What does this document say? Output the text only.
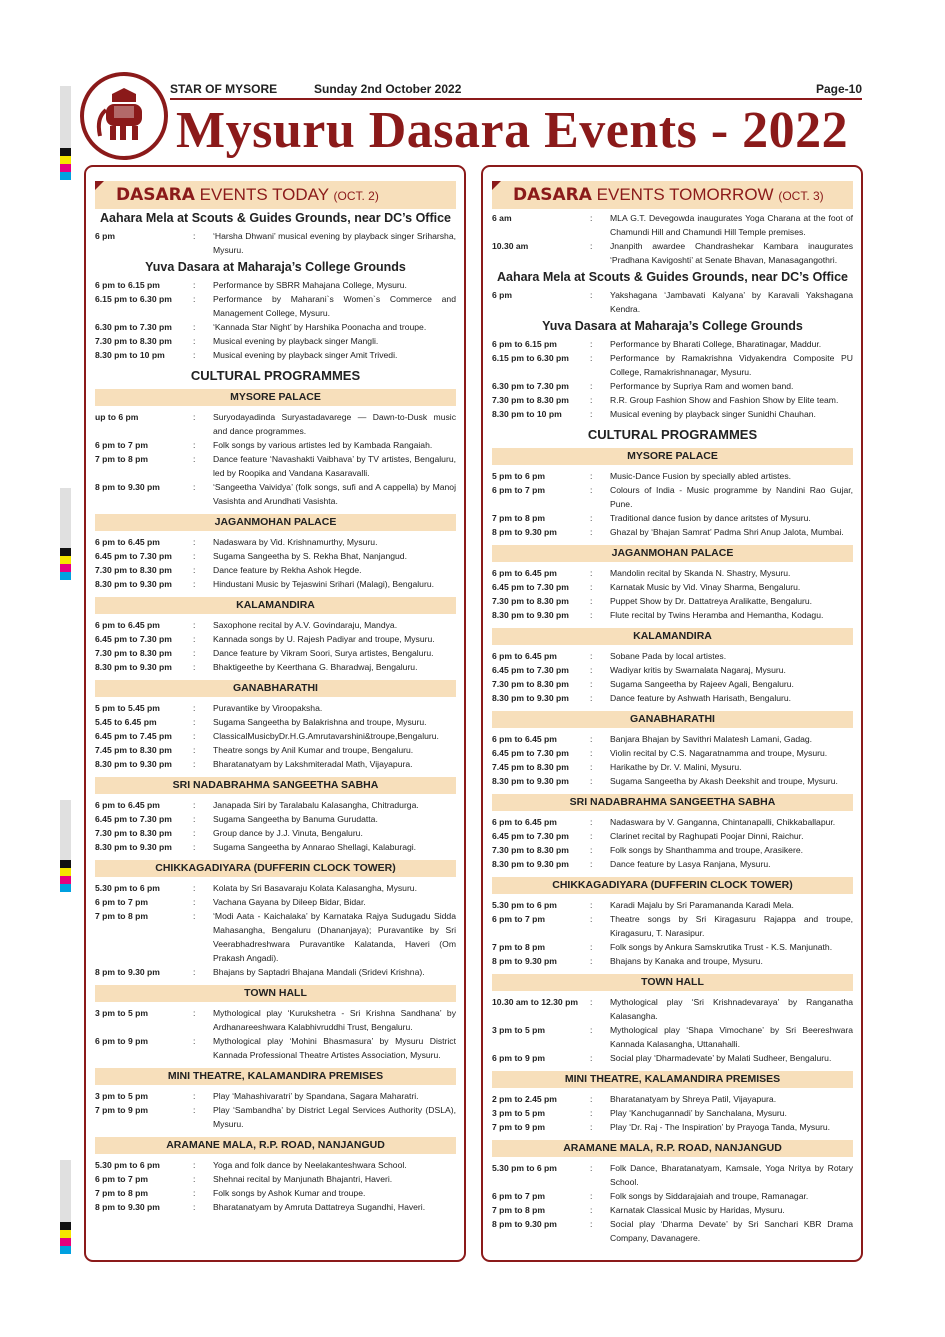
STAR OF MYSORE	Sunday 2nd October 2022	Page-10
Mysuru Dasara Events - 2022
DASARA EVENTS TODAY (OCT. 2)
Aahara Mela at Scouts & Guides Grounds, near DC’s Office
6 pm	:	‘Harsha Dhwani’ musical evening by playback singer Sriharsha, Mysuru.
Yuva Dasara at Maharaja’s College Grounds
6 pm to 6.15 pm	:	Performance by SBRR Mahajana College, Mysuru.
6.15 pm to 6.30 pm	:	Performance by Maharani`s Women`s Commerce and Management College, Mysuru.
6.30 pm to 7.30 pm	:	‘Kannada Star Night’ by Harshika Poonacha and troupe.
7.30 pm to 8.30 pm	:	Musical evening by playback singer Mangli.
8.30 pm to 10 pm	:	Musical evening by playback singer Amit Trivedi.
CULTURAL PROGRAMMES
MYSORE PALACE
up to 6 pm	:	Suryodayadinda Suryastadavarege — Dawn-to-Dusk music and dance programmes.
6 pm to 7 pm	:	Folk songs by various artistes led by Kambada Rangaiah.
7 pm to 8 pm	:	Dance feature ‘Navashakti Vaibhava’ by TV artistes, Bengaluru, led by Roopika and Vandana Kasaravalli.
8 pm to 9.30 pm	:	‘Sangeetha Vaividya’ (folk songs, sufi and A cappella) by Manoj Vasishta and Arundhati Vasishta.
JAGANMOHAN PALACE
6 pm to 6.45 pm	:	Nadaswara by Vid. Krishnamurthy, Mysuru.
6.45 pm to 7.30 pm	:	Sugama Sangeetha by S. Rekha Bhat, Nanjangud.
7.30 pm to 8.30 pm	:	Dance feature by Rekha Ashok Hegde.
8.30 pm to 9.30 pm	:	Hindustani Music by Tejaswini Srihari (Malagi), Bengaluru.
KALAMANDIRA
6 pm to 6.45 pm	:	Saxophone recital by A.V. Govindaraju, Mandya.
6.45 pm to 7.30 pm	:	Kannada songs by U. Rajesh Padiyar and troupe, Mysuru.
7.30 pm to 8.30 pm	:	Dance feature by Vikram Soori, Surya artistes, Bengaluru.
8.30 pm to 9.30 pm	:	Bhaktigeethe by Keerthana G. Bharadwaj, Bengaluru.
GANABHARATHI
5 pm to 5.45 pm	:	Puravantike by Viroopaksha.
5.45 to 6.45 pm	:	Sugama Sangeetha by Balakrishna and troupe, Mysuru.
6.45 pm to 7.45 pm	:	ClassicalMusicbyDr.H.G.Amrutavarshini&troupe,Bengaluru.
7.45 pm to 8.30 pm	:	Theatre songs by Anil Kumar and troupe, Bengaluru.
8.30 pm to 9.30 pm	:	Bharatanatyam by Lakshmiteradal Math, Vijayapura.
SRI NADABRAHMA SANGEETHA SABHA
6 pm to 6.45 pm	:	Janapada Siri by Taralabalu Kalasangha, Chitradurga.
6.45 pm to 7.30 pm	:	Sugama Sangeetha by Banuma Gurudatta.
7.30 pm to 8.30 pm	:	Group dance by J.J. Vinuta, Bengaluru.
8.30 pm to 9.30 pm	:	Sugama Sangeetha by Annarao Shellagi, Kalaburagi.
CHIKKAGADIYARA (DUFFERIN CLOCK TOWER)
5.30 pm to 6 pm	:	Kolata by Sri Basavaraju Kolata Kalasangha, Mysuru.
6 pm to 7 pm	:	Vachana Gayana by Dileep Bidar, Bidar.
7 pm to 8 pm	:	‘Modi Aata - Kaichalaka’ by Karnataka Rajya Sudugadu Sidda Mahasangha, Bengaluru (Dhananjaya); Puravantike by Sri Veerabhadreshwara Puravantike Kalatanda, Haveri (Om Prakash Angadi).
8 pm to 9.30 pm	:	Bhajans by Saptadri Bhajana Mandali (Sridevi Krishna).
TOWN HALL
3 pm to 5 pm	:	Mythological play ‘Kurukshetra - Sri Krishna Sandhana’ by Ardhanareeshwara Kalabhivruddhi Trust, Bengaluru.
6 pm to 9 pm	:	Mythological play ‘Mohini Bhasmasura’ by Mysuru District Kannada Professional Theatre Artistes Association, Mysuru.
MINI THEATRE, KALAMANDIRA PREMISES
3 pm to 5 pm	:	Play ‘Mahashivaratri’ by Spandana, Sagara Maharatri.
7 pm to 9 pm	:	Play ‘Sambandha’ by District Legal Services Authority (DSLA), Mysuru.
ARAMANE MALA, R.P. ROAD, NANJANGUD
5.30 pm to 6 pm	:	Yoga and folk dance by Neelakanteshwara School.
6 pm to 7 pm	:	Shehnai recital by Manjunath Bhajantri, Haveri.
7 pm to 8 pm	:	Folk songs by Ashok Kumar and troupe.
8 pm to 9.30 pm	:	Bharatanatyam by Amruta Dattatreya Sugandhi, Haveri.
DASARA EVENTS TOMORROW (OCT. 3)
6 am	:	MLA G.T. Devegowda inaugurates Yoga Charana at the foot of Chamundi Hill and Chamundi Hill Temple premises.
10.30 am	:	Jnanpith awardee Chandrashekar Kambara inaugurates ‘Pradhana Kavigoshti’ at Senate Bhavan, Manasagangothri.
Aahara Mela at Scouts & Guides Grounds, near DC’s Office
6 pm	:	Yakshagana ‘Jambavati Kalyana’ by Karavali Yakshagana Kendra.
Yuva Dasara at Maharaja’s College Grounds
6 pm to 6.15 pm	:	Performance by Bharati College, Bharatinagar, Maddur.
6.15 pm to 6.30 pm	:	Performance by Ramakrishna Vidyakendra Composite PU College, Ramakrishnanagar, Mysuru.
6.30 pm to 7.30 pm	:	Performance by Supriya Ram and women band.
7.30 pm to 8.30 pm	:	R.R. Group Fashion Show and Fashion Show by Elite team.
8.30 pm to 10 pm	:	Musical evening by playback singer Sunidhi Chauhan.
CULTURAL PROGRAMMES
MYSORE PALACE
5 pm to 6 pm	:	Music-Dance Fusion by specially abled artistes.
6 pm to 7 pm	:	Colours of India - Music programme by Nandini Rao Gujar, Pune.
7 pm to 8 pm	:	Traditional dance fusion by dance aritstes of Mysuru.
8 pm to 9.30 pm	:	Ghazal by ‘Bhajan Samrat’ Padma Shri Anup Jalota, Mumbai.
JAGANMOHAN PALACE
6 pm to 6.45 pm	:	Mandolin recital by Skanda N. Shastry, Mysuru.
6.45 pm to 7.30 pm	:	Karnatak Music by Vid. Vinay Sharma, Bengaluru.
7.30 pm to 8.30 pm	:	Puppet Show by Dr. Dattatreya Aralikatte, Bengaluru.
8.30 pm to 9.30 pm	:	Flute recital by Twins Heramba and Hemantha, Kodagu.
KALAMANDIRA
6 pm to 6.45 pm	:	Sobane Pada by local artistes.
6.45 pm to 7.30 pm	:	Wadiyar kritis by Swarnalata Nagaraj, Mysuru.
7.30 pm to 8.30 pm	:	Sugama Sangeetha by Rajeev Agali, Bengaluru.
8.30 pm to 9.30 pm	:	Dance feature by Ashwath Harisath, Bengaluru.
GANABHARATHI
6 pm to 6.45 pm	:	Banjara Bhajan by Savithri Malatesh Lamani, Gadag.
6.45 pm to 7.30 pm	:	Violin recital by C.S. Nagaratnamma and troupe, Mysuru.
7.45 pm to 8.30 pm	:	Harikathe by Dr. V. Malini, Mysuru.
8.30 pm to 9.30 pm	:	Sugama Sangeetha by Akash Deekshit and troupe, Mysuru.
SRI NADABRAHMA SANGEETHA SABHA
6 pm to 6.45 pm	:	Nadaswara by V. Ganganna, Chintanapalli, Chikkaballapur.
6.45 pm to 7.30 pm	:	Clarinet recital by Raghupati Poojar Dinni, Raichur.
7.30 pm to 8.30 pm	:	Folk songs by Shanthamma and troupe, Arasikere.
8.30 pm to 9.30 pm	:	Dance feature by Lasya Ranjana, Mysuru.
CHIKKAGADIYARA (DUFFERIN CLOCK TOWER)
5.30 pm to 6 pm	:	Karadi Majalu by Sri Paramananda Karadi Mela.
6 pm to 7 pm	:	Theatre songs by Sri Kiragasuru Rajappa and troupe, Kiragasuru, T. Narasipur.
7 pm to 8 pm	:	Folk songs by Ankura Samskrutika Trust - K.S. Manjunath.
8 pm to 9.30 pm	:	Bhajans by Kanaka and troupe, Mysuru.
TOWN HALL
10.30 am to 12.30 pm	:	Mythological play ‘Sri Krishnadevaraya’ by Ranganatha Kalasangha.
3 pm to 5 pm	:	Mythological play ‘Shapa Vimochane’ by Sri Beereshwara Kannada Kalasangha, Uttanahalli.
6 pm to 9 pm	:	Social play ‘Dharmadevate’ by Malati Sudheer, Bengaluru.
MINI THEATRE, KALAMANDIRA PREMISES
2 pm to 2.45 pm	:	Bharatanatyam by Shreya Patil, Vijayapura.
3 pm to 5 pm	:	Play ‘Kanchugannadi’ by Sanchalana, Mysuru.
7 pm to 9 pm	:	Play ‘Dr. Raj - The Inspiration’ by Prayoga Tanda, Mysuru.
ARAMANE MALA, R.P. ROAD, NANJANGUD
5.30 pm to 6 pm	:	Folk Dance, Bharatanatyam, Kamsale, Yoga Nritya by Rotary School.
6 pm to 7 pm	:	Folk songs by Siddarajaiah and troupe, Ramanagar.
7 pm to 8 pm	:	Karnatak Classical Music by Haridas, Mysuru.
8 pm to 9.30 pm	:	Social play ‘Dharma Devate’ by Sri Sanchari KBR Drama Company, Davanagere.
